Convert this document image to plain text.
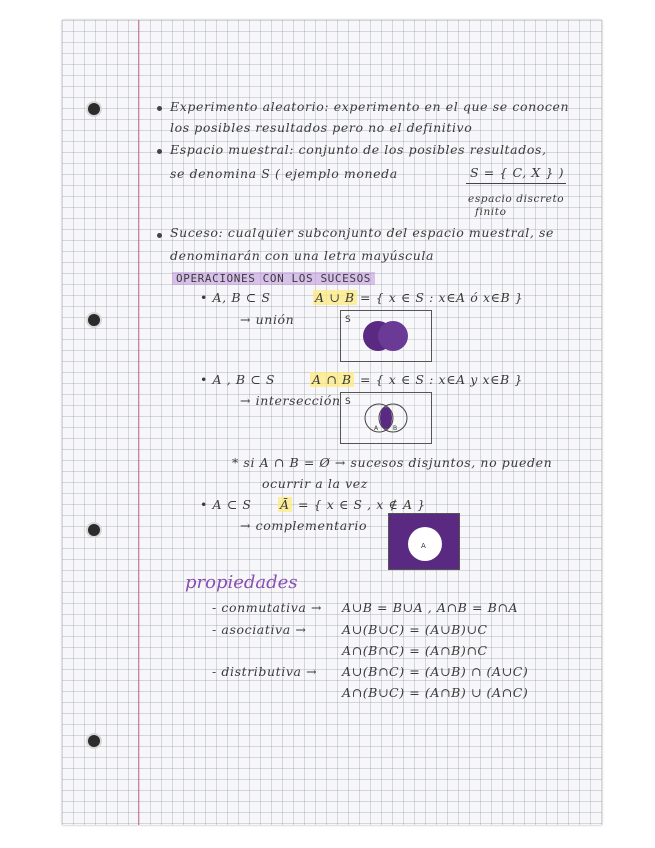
Experimento aleatorio: experimento en el que se conocen
los posibles resultados pero no el definitivo
Espacio muestral: conjunto de los posibles resultados,
se denomina S ( ejemplo moneda	S = { C, X } )
espacio discreto
finito
Suceso: cualquier subconjunto del espacio muestral, se
denominarán con una letra mayúscula
OPERACIONES CON LOS SUCESOS
• A, B ⊂ S	A ∪ B = { x ∈ S : x∈A ó x∈B }
→ unión	S
• A , B ⊂ S	A ∩ B = { x ∈ S : x∈A y x∈B }
→ intersección S
A B
* si A ∩ B = Ø → sucesos disjuntos, no pueden
ocurrir a la vez
• A ⊂ S Ā = { x ∈ S , x ∉ A }
→ complementario
A
propiedades
- conmutativa → A∪B = B∪A , A∩B = B∩A
- asociativa →	A∪(B∪C) = (A∪B)∪C
A∩(B∩C) = (A∩B)∩C
- distributiva → A∪(B∩C) = (A∪B) ∩ (A∪C)
A∩(B∪C) = (A∩B) ∪ (A∩C)
